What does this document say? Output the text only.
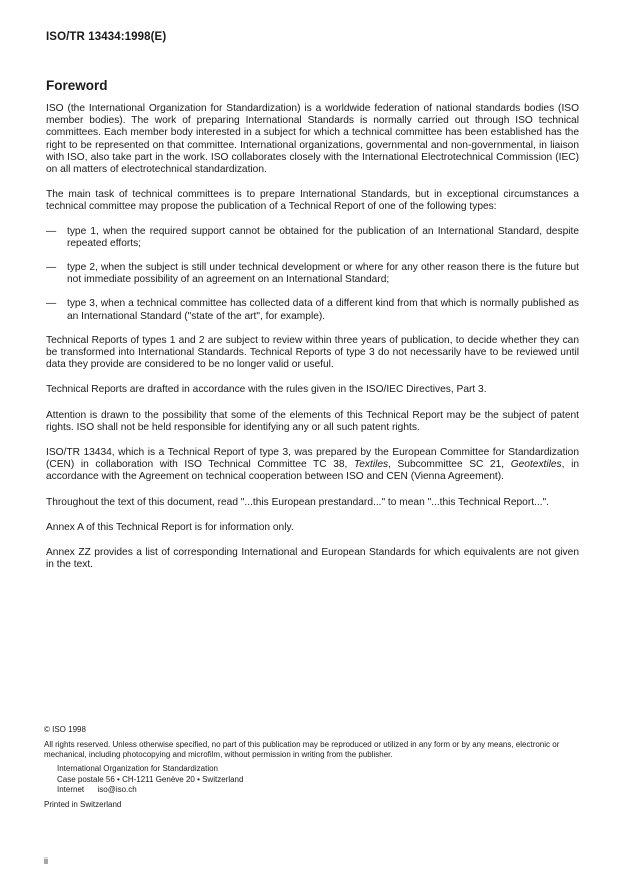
ISO/TR 13434:1998(E)
Foreword

ISO (the International Organization for Standardization) is a worldwide federation of national standards bodies (ISO member bodies). The work of preparing International Standards is normally carried out through ISO technical committees. Each member body interested in a subject for which a technical committee has been established has the right to be represented on that committee. International organizations, governmental and non-governmental, in liaison with ISO, also take part in the work. ISO collaborates closely with the International Electrotechnical Commission (IEC) on all matters of electrotechnical standardization.

The main task of technical committees is to prepare International Standards, but in exceptional circumstances a technical committee may propose the publication of a Technical Report of one of the following types:

— type 1, when the required support cannot be obtained for the publication of an International Standard, despite repeated efforts;
— type 2, when the subject is still under technical development or where for any other reason there is the future but not immediate possibility of an agreement on an International Standard;
— type 3, when a technical committee has collected data of a different kind from that which is normally published as an International Standard ("state of the art", for example).

Technical Reports of types 1 and 2 are subject to review within three years of publication, to decide whether they can be transformed into International Standards. Technical Reports of type 3 do not necessarily have to be reviewed until data they provide are considered to be no longer valid or useful.

Technical Reports are drafted in accordance with the rules given in the ISO/IEC Directives, Part 3.

Attention is drawn to the possibility that some of the elements of this Technical Report may be the subject of patent rights. ISO shall not be held responsible for identifying any or all such patent rights.

ISO/TR 13434, which is a Technical Report of type 3, was prepared by the European Committee for Standardization (CEN) in collaboration with ISO Technical Committee TC 38, Textiles, Subcommittee SC 21, Geotextiles, in accordance with the Agreement on technical cooperation between ISO and CEN (Vienna Agreement).

Throughout the text of this document, read "...this European prestandard..." to mean "...this Technical Report...".

Annex A of this Technical Report is for information only.

Annex ZZ provides a list of corresponding International and European Standards for which equivalents are not given in the text.

© ISO 1998
All rights reserved. Unless otherwise specified, no part of this publication may be reproduced or utilized in any form or by any means, electronic or mechanical, including photocopying and microfilm, without permission in writing from the publisher.
International Organization for Standardization
Case postale 56 • CH-1211 Genève 20 • Switzerland
Internet      iso@iso.ch
Printed in Switzerland
ii
